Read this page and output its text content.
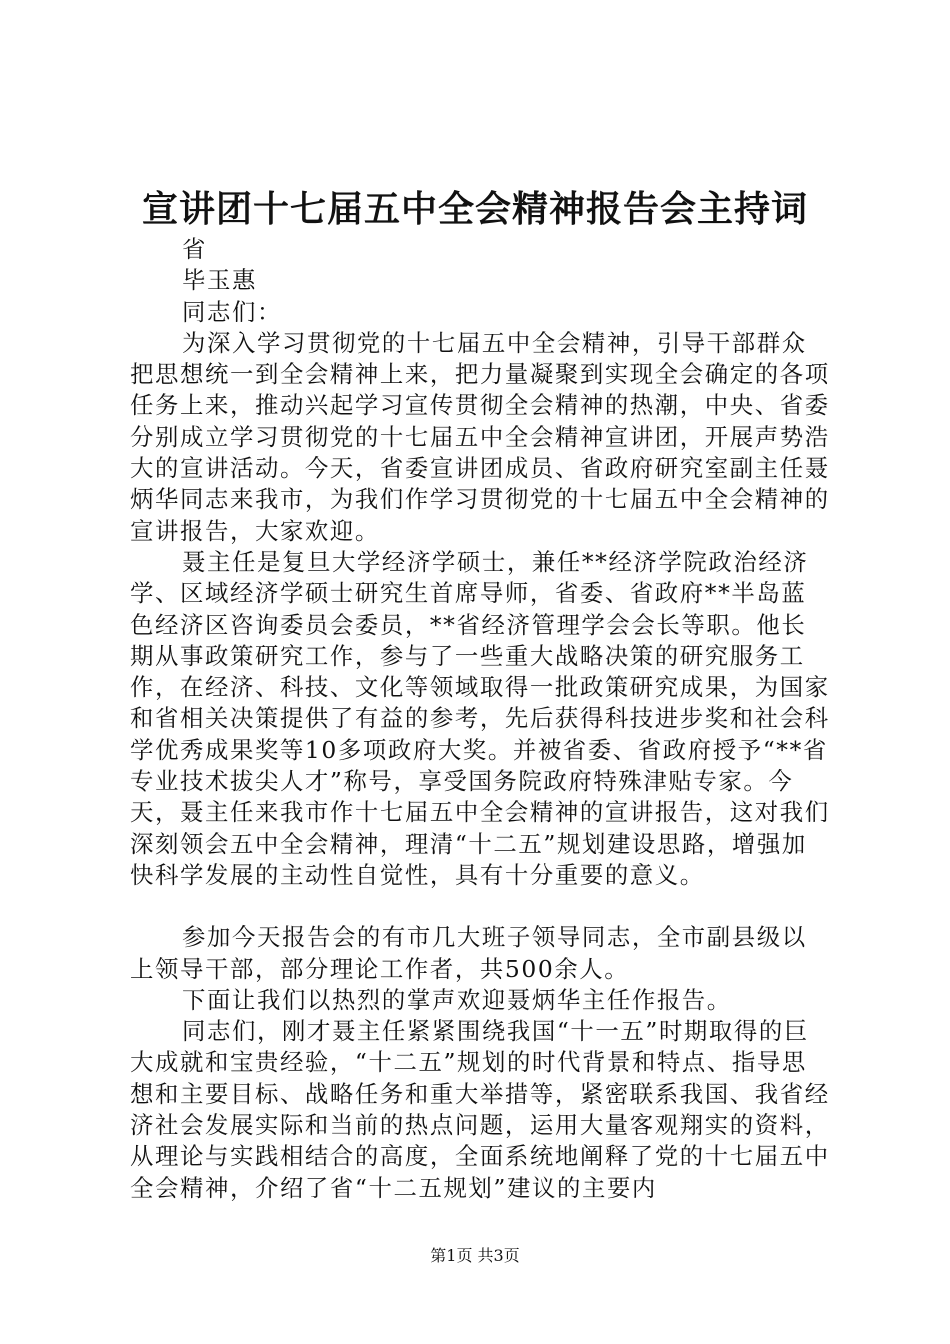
宣讲团十七届五中全会精神报告会主持词

省

毕玉惠

同志们：

为深入学习贯彻党的十七届五中全会精神，引导干部群众把思想统一到全会精神上来，把力量凝聚到实现全会确定的各项任务上来，推动兴起学习宣传贯彻全会精神的热潮，中央、省委分别成立学习贯彻党的十七届五中全会精神宣讲团，开展声势浩大的宣讲活动。今天，省委宣讲团成员、省政府研究室副主任聂炳华同志来我市，为我们作学习贯彻党的十七届五中全会精神的宣讲报告，大家欢迎。

聂主任是复旦大学经济学硕士，兼任**经济学院政治经济学、区域经济学硕士研究生首席导师，省委、省政府**半岛蓝色经济区咨询委员会委员，**省经济管理学会会长等职。他长期从事政策研究工作，参与了一些重大战略决策的研究服务工作，在经济、科技、文化等领域取得一批政策研究成果，为国家和省相关决策提供了有益的参考，先后获得科技进步奖和社会科学优秀成果奖等10多项政府大奖。并被省委、省政府授予“**省专业技术拔尖人才”称号，享受国务院政府特殊津贴专家。今天，聂主任来我市作十七届五中全会精神的宣讲报告，这对我们深刻领会五中全会精神，理清“十二五”规划建设思路，增强加快科学发展的主动性自觉性，具有十分重要的意义。

参加今天报告会的有市几大班子领导同志，全市副县级以上领导干部，部分理论工作者，共500余人。

下面让我们以热烈的掌声欢迎聂炳华主任作报告。

同志们，刚才聂主任紧紧围绕我国“十一五”时期取得的巨大成就和宝贵经验，“十二五”规划的时代背景和特点、指导思想和主要目标、战略任务和重大举措等，紧密联系我国、我省经济社会发展实际和当前的热点问题，运用大量客观翔实的资料，从理论与实践相结合的高度，全面系统地阐释了党的十七届五中全会精神，介绍了省“十二五规划”建议的主要内

第1页 共3页
